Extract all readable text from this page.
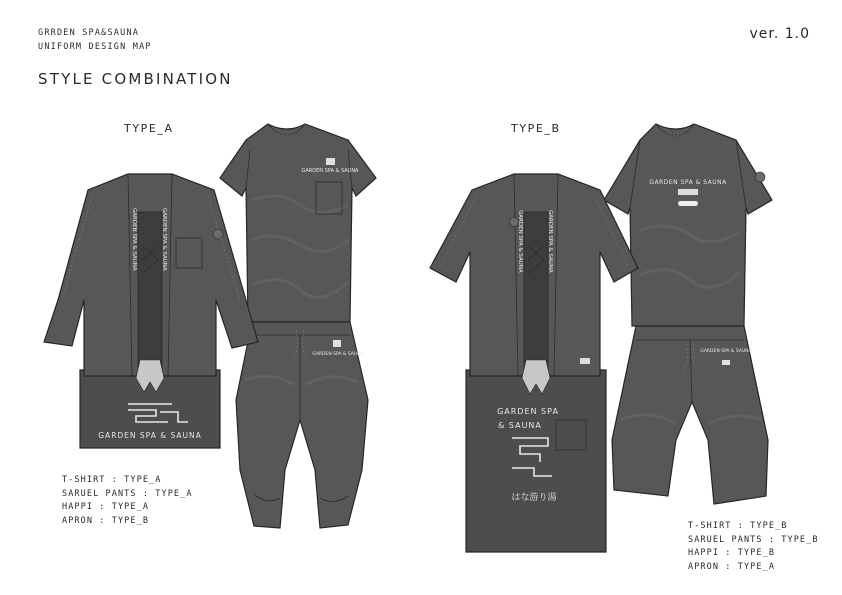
GRRDEN SPA&SAUNA
UNIFORM DESIGN MAP
STYLE COMBINATION
ver. 1.0
TYPE_A	TYPE_B
GARDEN SPA & SAUNA
GARDEN SPA & SAUNA
GARDEN SPA & SAUNA
GARDEN SPA & SAUNA	GARDEN SPA & SAUNA
GARDEN SPA & SAUNA
GARDEN SPA & SAUNA
GARDEN SPA
& SAUNA
はな游り湯
GARDEN SPA & SAUNA	GARDEN SPA & SAUNA
T-SHIRT : TYPE_A
SARUEL PANTS : TYPE_A
HAPPI : TYPE_A
APRON : TYPE_B
T-SHIRT : TYPE_B
SARUEL PANTS : TYPE_B
HAPPI : TYPE_B
APRON : TYPE_A
